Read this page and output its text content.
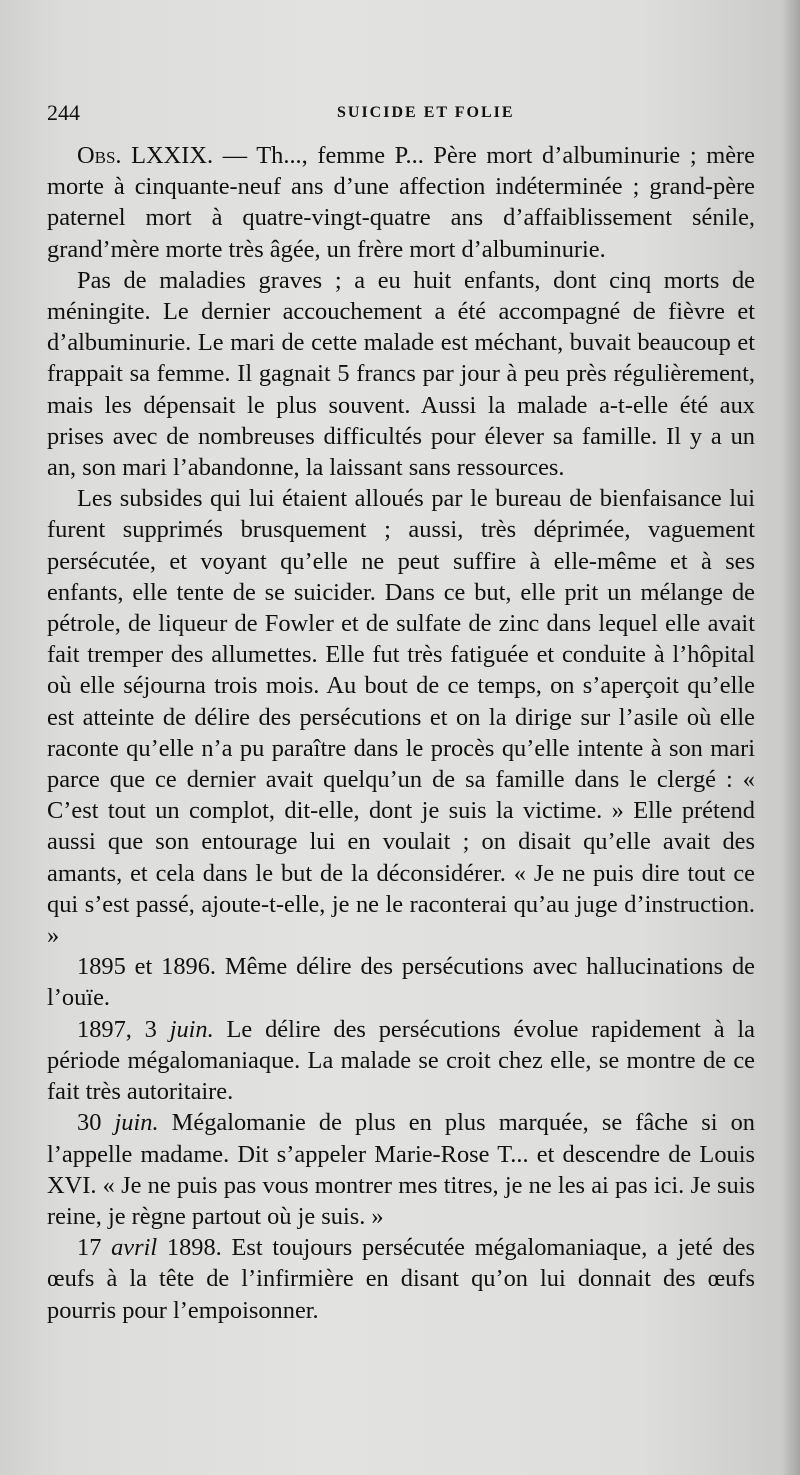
244	SUICIDE ET FOLIE

Obs. LXXIX. — Th..., femme P... Père mort d’albuminurie ; mère morte à cinquante-neuf ans d’une affection indéterminée ; grand-père paternel mort à quatre-vingt-quatre ans d’affaiblissement sénile, grand’mère morte très âgée, un frère mort d’albuminurie.

Pas de maladies graves ; a eu huit enfants, dont cinq morts de méningite. Le dernier accouchement a été accompagné de fièvre et d’albuminurie. Le mari de cette malade est méchant, buvait beaucoup et frappait sa femme. Il gagnait 5 francs par jour à peu près régulièrement, mais les dépensait le plus souvent. Aussi la malade a-t-elle été aux prises avec de nombreuses difficultés pour élever sa famille. Il y a un an, son mari l’abandonne, la laissant sans ressources.

Les subsides qui lui étaient alloués par le bureau de bienfaisance lui furent supprimés brusquement ; aussi, très déprimée, vaguement persécutée, et voyant qu’elle ne peut suffire à elle-même et à ses enfants, elle tente de se suicider. Dans ce but, elle prit un mélange de pétrole, de liqueur de Fowler et de sulfate de zinc dans lequel elle avait fait tremper des allumettes. Elle fut très fatiguée et conduite à l’hôpital où elle séjourna trois mois. Au bout de ce temps, on s’aperçoit qu’elle est atteinte de délire des persécutions et on la dirige sur l’asile où elle raconte qu’elle n’a pu paraître dans le procès qu’elle intente à son mari parce que ce dernier avait quelqu’un de sa famille dans le clergé : « C’est tout un complot, dit-elle, dont je suis la victime. » Elle prétend aussi que son entourage lui en voulait ; on disait qu’elle avait des amants, et cela dans le but de la déconsidérer. « Je ne puis dire tout ce qui s’est passé, ajoute-t-elle, je ne le raconterai qu’au juge d’instruction. »

1895 et 1896. Même délire des persécutions avec hallucinations de l’ouïe.

1897, 3 juin. Le délire des persécutions évolue rapidement à la période mégalomaniaque. La malade se croit chez elle, se montre de ce fait très autoritaire.

30 juin. Mégalomanie de plus en plus marquée, se fâche si on l’appelle madame. Dit s’appeler Marie-Rose T... et descendre de Louis XVI. « Je ne puis pas vous montrer mes titres, je ne les ai pas ici. Je suis reine, je règne partout où je suis. »

17 avril 1898. Est toujours persécutée mégalomaniaque, a jeté des œufs à la tête de l’infirmière en disant qu’on lui donnait des œufs pourris pour l’empoisonner.
